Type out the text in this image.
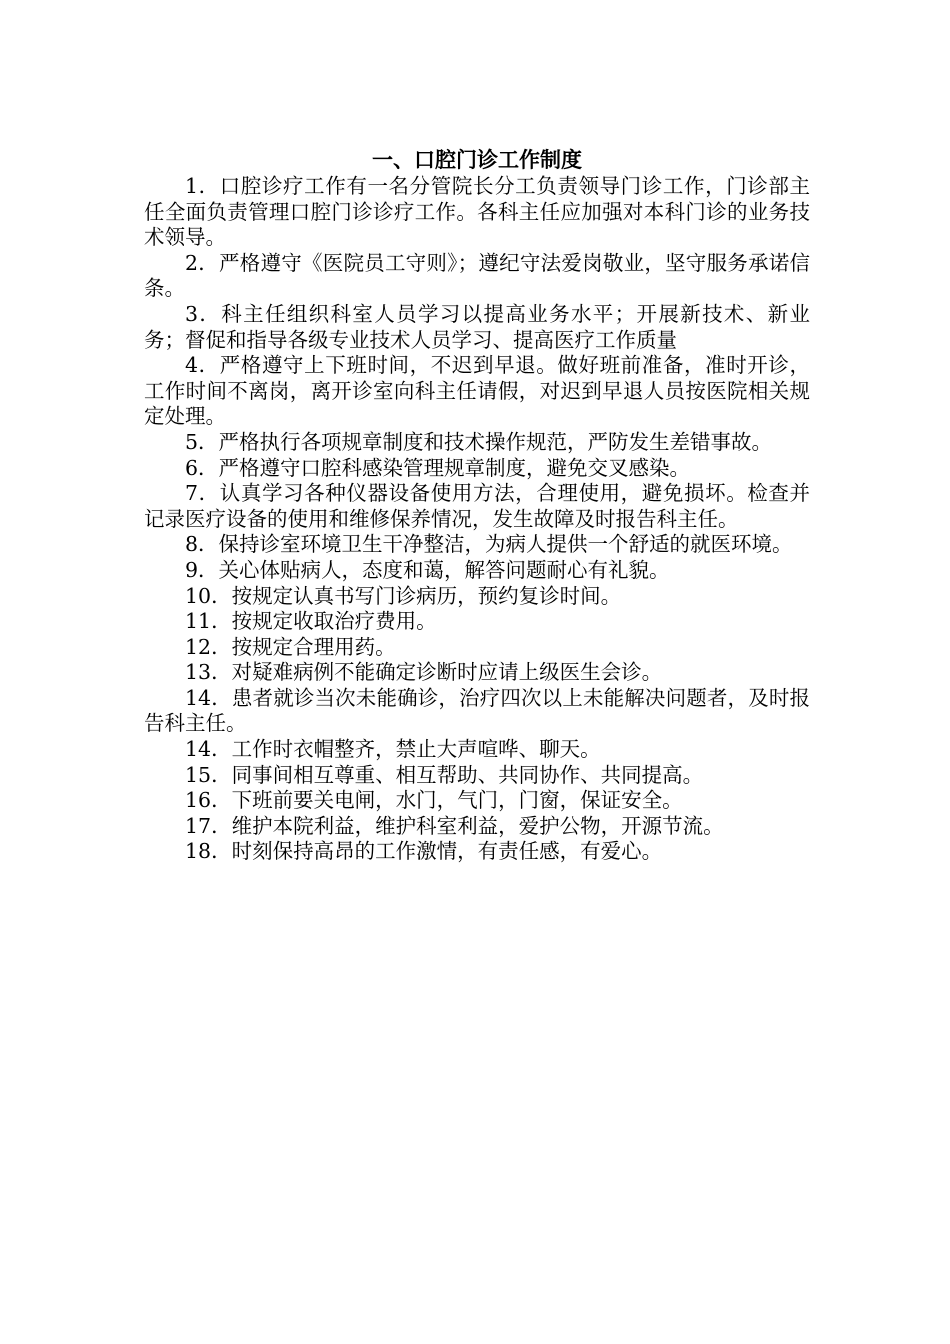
一、口腔门诊工作制度
1．口腔诊疗工作有一名分管院长分工负责领导门诊工作，门诊部主任全面负责管理口腔门诊诊疗工作。各科主任应加强对本科门诊的业务技术领导。
2．严格遵守《医院员工守则》；遵纪守法爱岗敬业，坚守服务承诺信条。
3．科主任组织科室人员学习以提高业务水平；开展新技术、新业务；督促和指导各级专业技术人员学习、提高医疗工作质量
4．严格遵守上下班时间，不迟到早退。做好班前准备，准时开诊，工作时间不离岗，离开诊室向科主任请假，对迟到早退人员按医院相关规定处理。
5．严格执行各项规章制度和技术操作规范，严防发生差错事故。
6．严格遵守口腔科感染管理规章制度，避免交叉感染。
7．认真学习各种仪器设备使用方法，合理使用，避免损坏。检查并记录医疗设备的使用和维修保养情况，发生故障及时报告科主任。
8．保持诊室环境卫生干净整洁，为病人提供一个舒适的就医环境。
9．关心体贴病人，态度和蔼，解答问题耐心有礼貌。
10．按规定认真书写门诊病历，预约复诊时间。
11．按规定收取治疗费用。
12．按规定合理用药。
13．对疑难病例不能确定诊断时应请上级医生会诊。
14．患者就诊当次未能确诊，治疗四次以上未能解决问题者，及时报告科主任。
14．工作时衣帽整齐，禁止大声喧哗、聊天。
15．同事间相互尊重、相互帮助、共同协作、共同提高。
16．下班前要关电闸，水门，气门，门窗，保证安全。
17．维护本院利益，维护科室利益，爱护公物，开源节流。
18．时刻保持高昂的工作激情，有责任感，有爱心。
